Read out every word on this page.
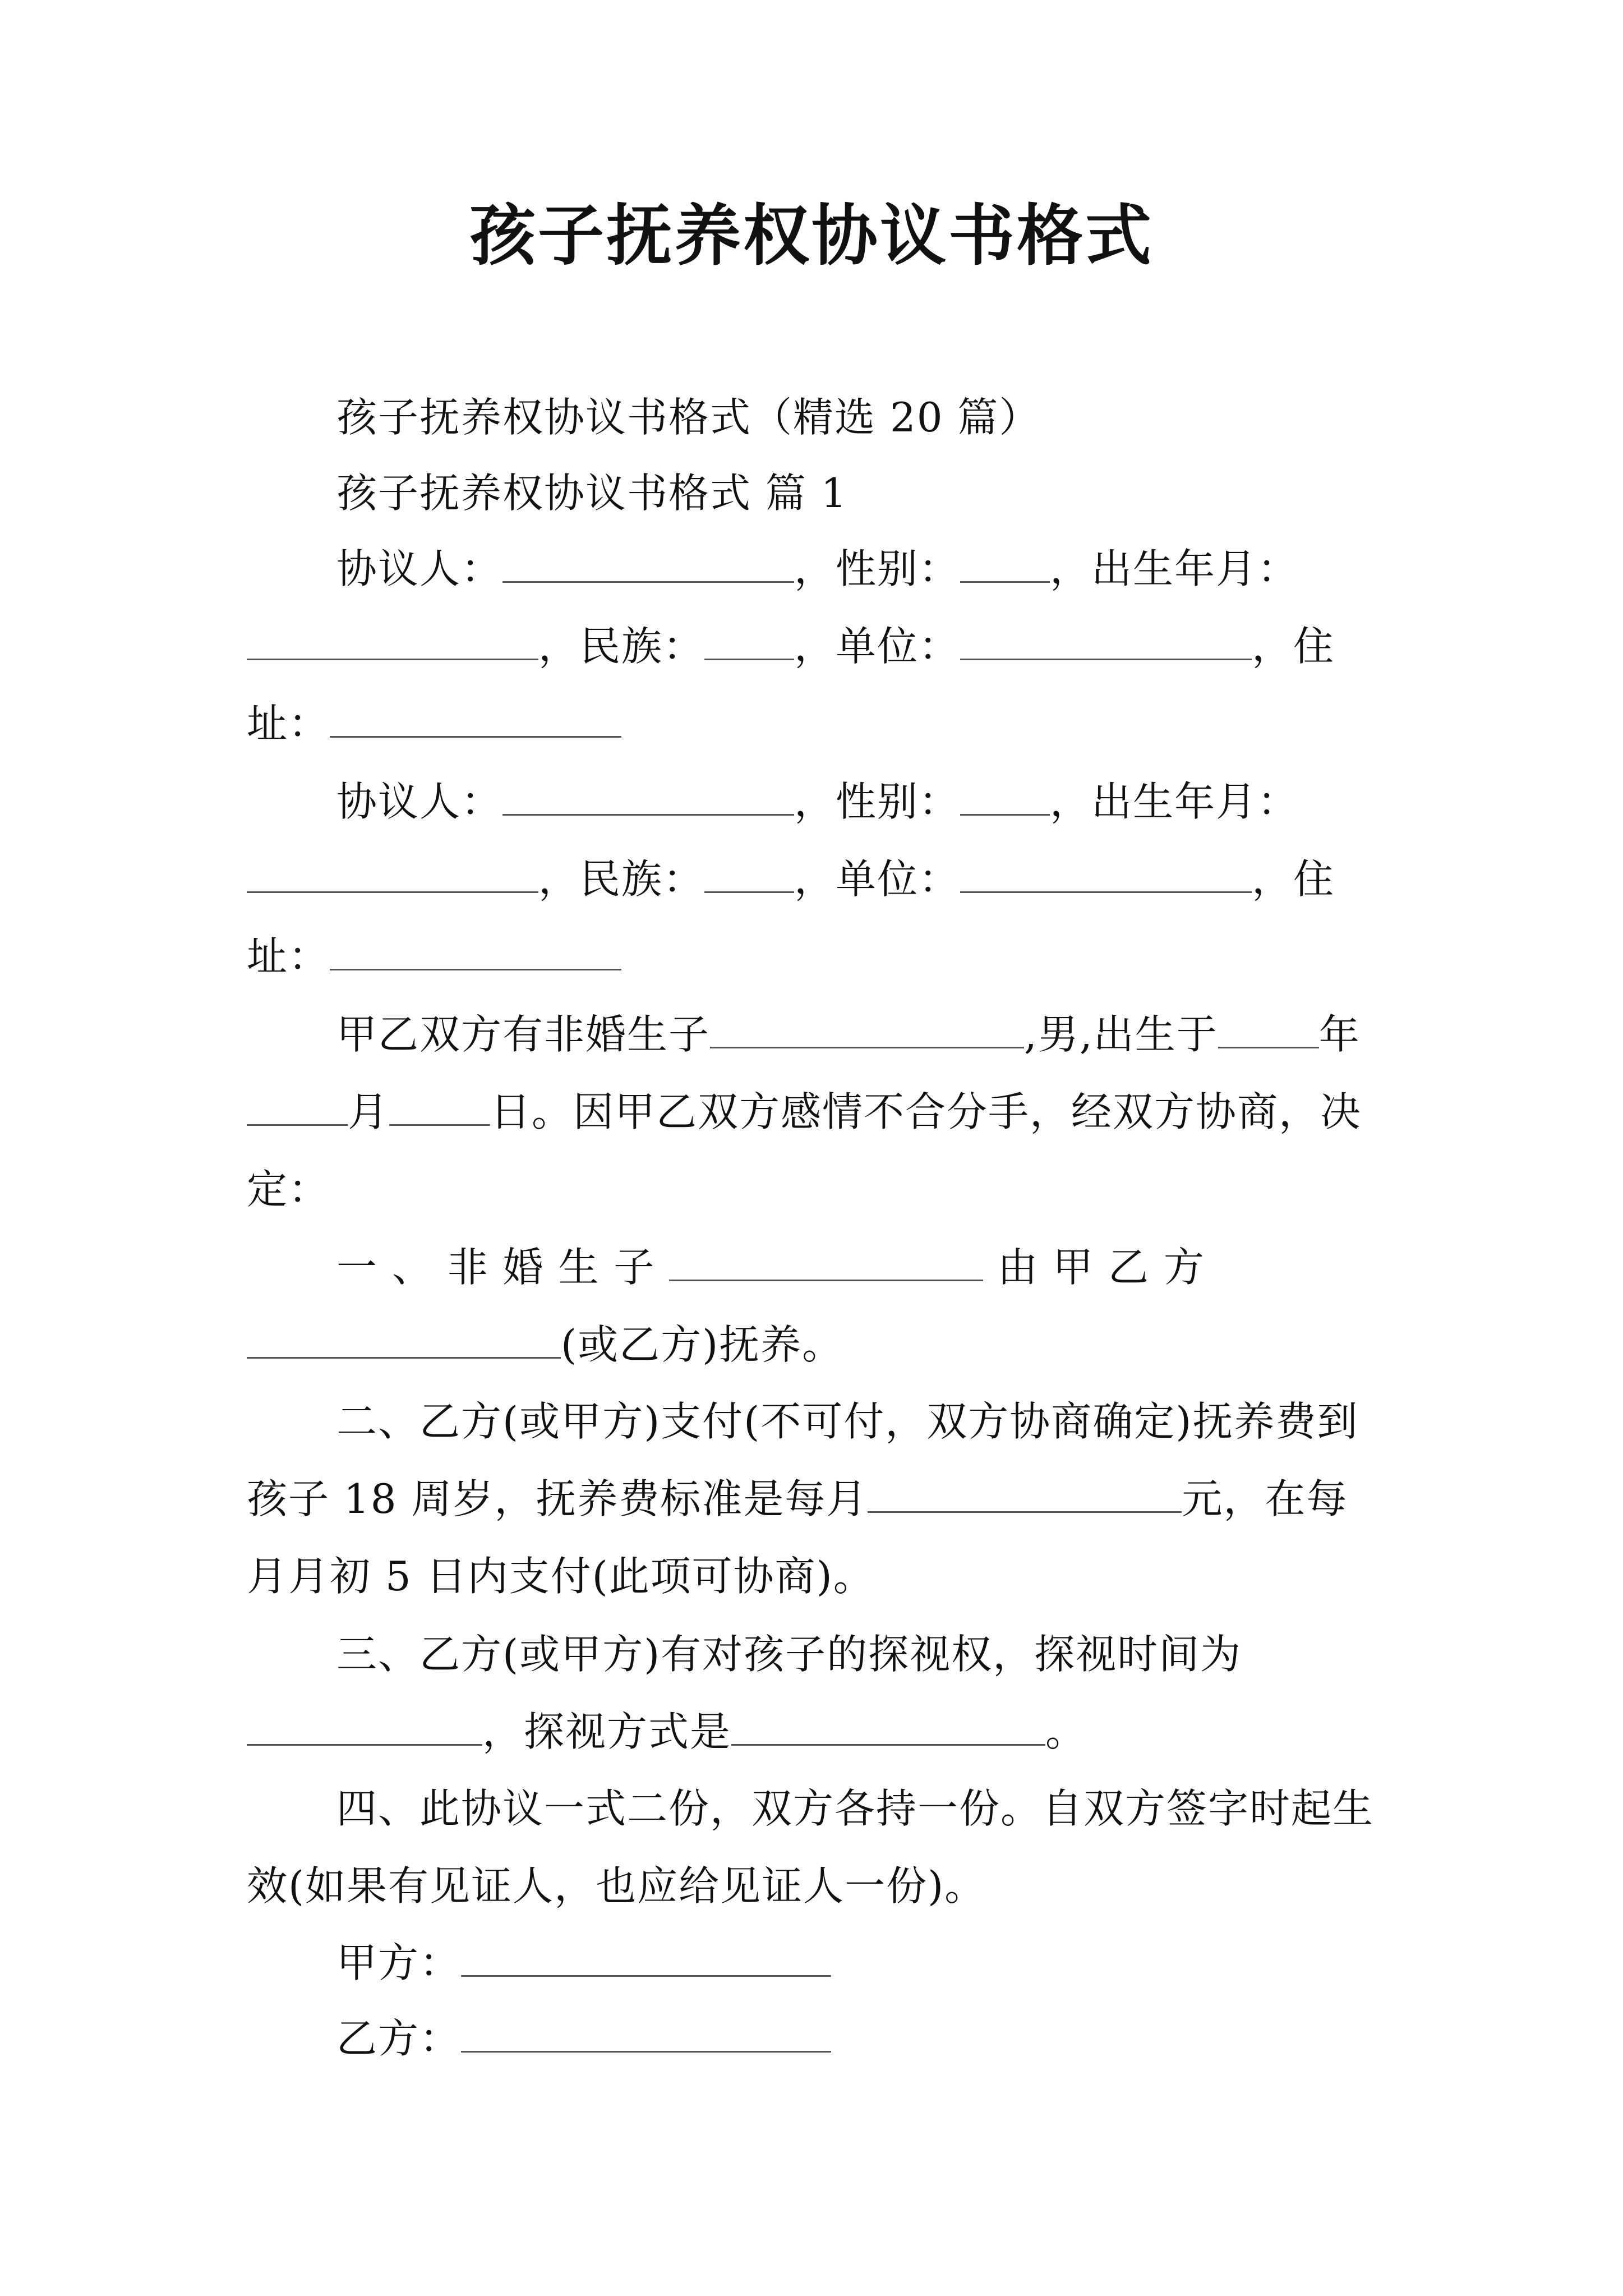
孩子抚养权协议书格式
孩子抚养权协议书格式（精选 20 篇）
孩子抚养权协议书格式 篇 1
协议人：	，性别： ，出生年月：，民族： ，单位：	，住址：
协议人：	，性别： ，出生年月：，民族： ，单位：	，住址：
甲乙双方有非婚生子	,男,出生于	年月	日。因甲乙双方感情不合分手，经双方协商，决定：
一 、 非 婚 生 子	由 甲 乙 方(或乙方)抚养。
二、乙方(或甲方)支付(不可付，双方协商确定)抚养费到孩子 18 周岁，抚养费标准是每月	元，在每月月初 5 日内支付(此项可协商)。
三、乙方(或甲方)有对孩子的探视权，探视时间为，探视方式是	。
四、此协议一式二份，双方各持一份。自双方签字时起生效(如果有见证人，也应给见证人一份)。
甲方：
乙方：
